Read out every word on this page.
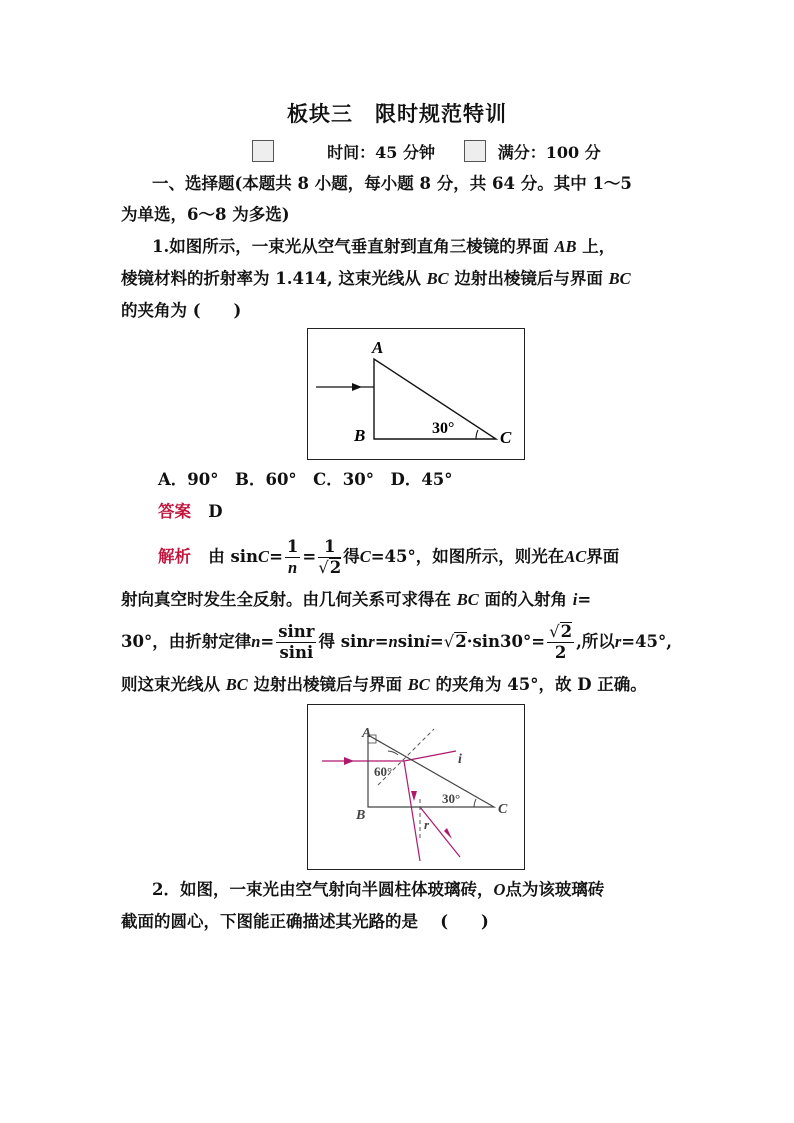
板块三　限时规范特训
时间：45 分钟	满分：100 分
一、选择题(本题共 8 小题，每小题 8 分，共 64 分。其中 1～5
为单选，6～8 为多选)
1.如图所示，一束光从空气垂直射到直角三棱镜的界面 AB 上，
棱镜材料的折射率为 1.414, 这束光线从 BC 边射出棱镜后与界面 BC
的夹角为 (　　)
A
B	C
30°
A．90°　B．60°　C．30°　D．45°
答案 D
解析 由 $\sin C= \frac{1}{n} = \frac{1}{√2}$ 得C=45°，如图所示，则光在AC界面
射向真空时发生全反射。由几何关系可求得在 BC 面的入射角 i=
30°，由折射定律$n= \frac{\sin r}{\sin i}$ 得 $\sin r=nsini=√2\cdot\sin 30^\circ= \frac{√2}{2}$ ,所以r=45°,
则这束光线从 BC 边射出棱镜后与界面 BC 的夹角为 45°，故 D 正确。
A
B	C
60°
30°
i
r
2．如图，一束光由空气射向半圆柱体玻璃砖，O点为该玻璃砖
截面的圆心，下图能正确描述其光路的是　 (　　)
